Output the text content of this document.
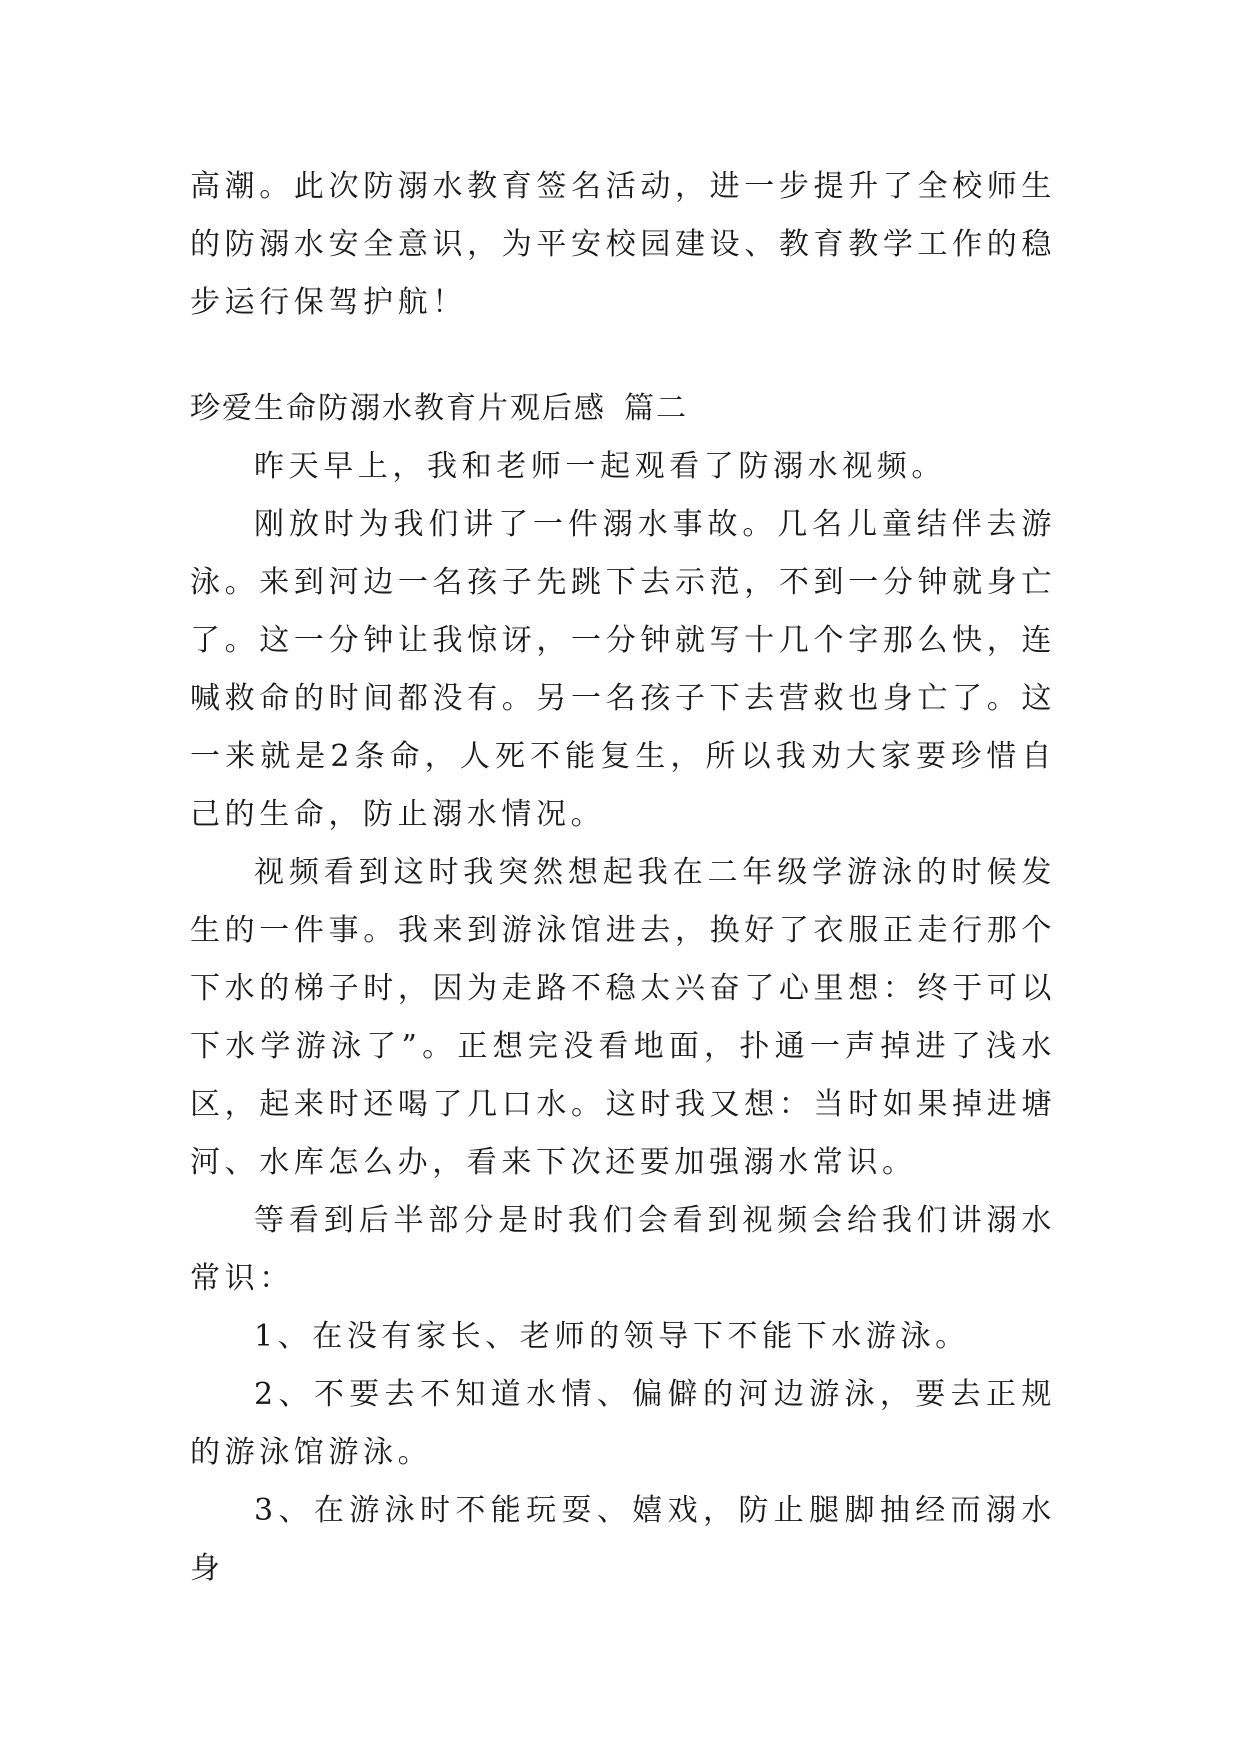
高潮。此次防溺水教育签名活动，进一步提升了全校师生的防溺水安全意识，为平安校园建设、教育教学工作的稳步运行保驾护航！

珍爱生命防溺水教育片观后感 篇二

昨天早上，我和老师一起观看了防溺水视频。

刚放时为我们讲了一件溺水事故。几名儿童结伴去游泳。来到河边一名孩子先跳下去示范，不到一分钟就身亡了。这一分钟让我惊讶，一分钟就写十几个字那么快，连喊救命的时间都没有。另一名孩子下去营救也身亡了。这一来就是2条命，人死不能复生，所以我劝大家要珍惜自己的生命，防止溺水情况。

视频看到这时我突然想起我在二年级学游泳的时候发生的一件事。我来到游泳馆进去，换好了衣服正走行那个下水的梯子时，因为走路不稳太兴奋了心里想：终于可以下水学游泳了”。正想完没看地面，扑通一声掉进了浅水区，起来时还喝了几口水。这时我又想：当时如果掉进塘河、水库怎么办，看来下次还要加强溺水常识。

等看到后半部分是时我们会看到视频会给我们讲溺水常识：

1、在没有家长、老师的领导下不能下水游泳。

2、不要去不知道水情、偏僻的河边游泳，要去正规的游泳馆游泳。

3、在游泳时不能玩耍、嬉戏，防止腿脚抽经而溺水身
